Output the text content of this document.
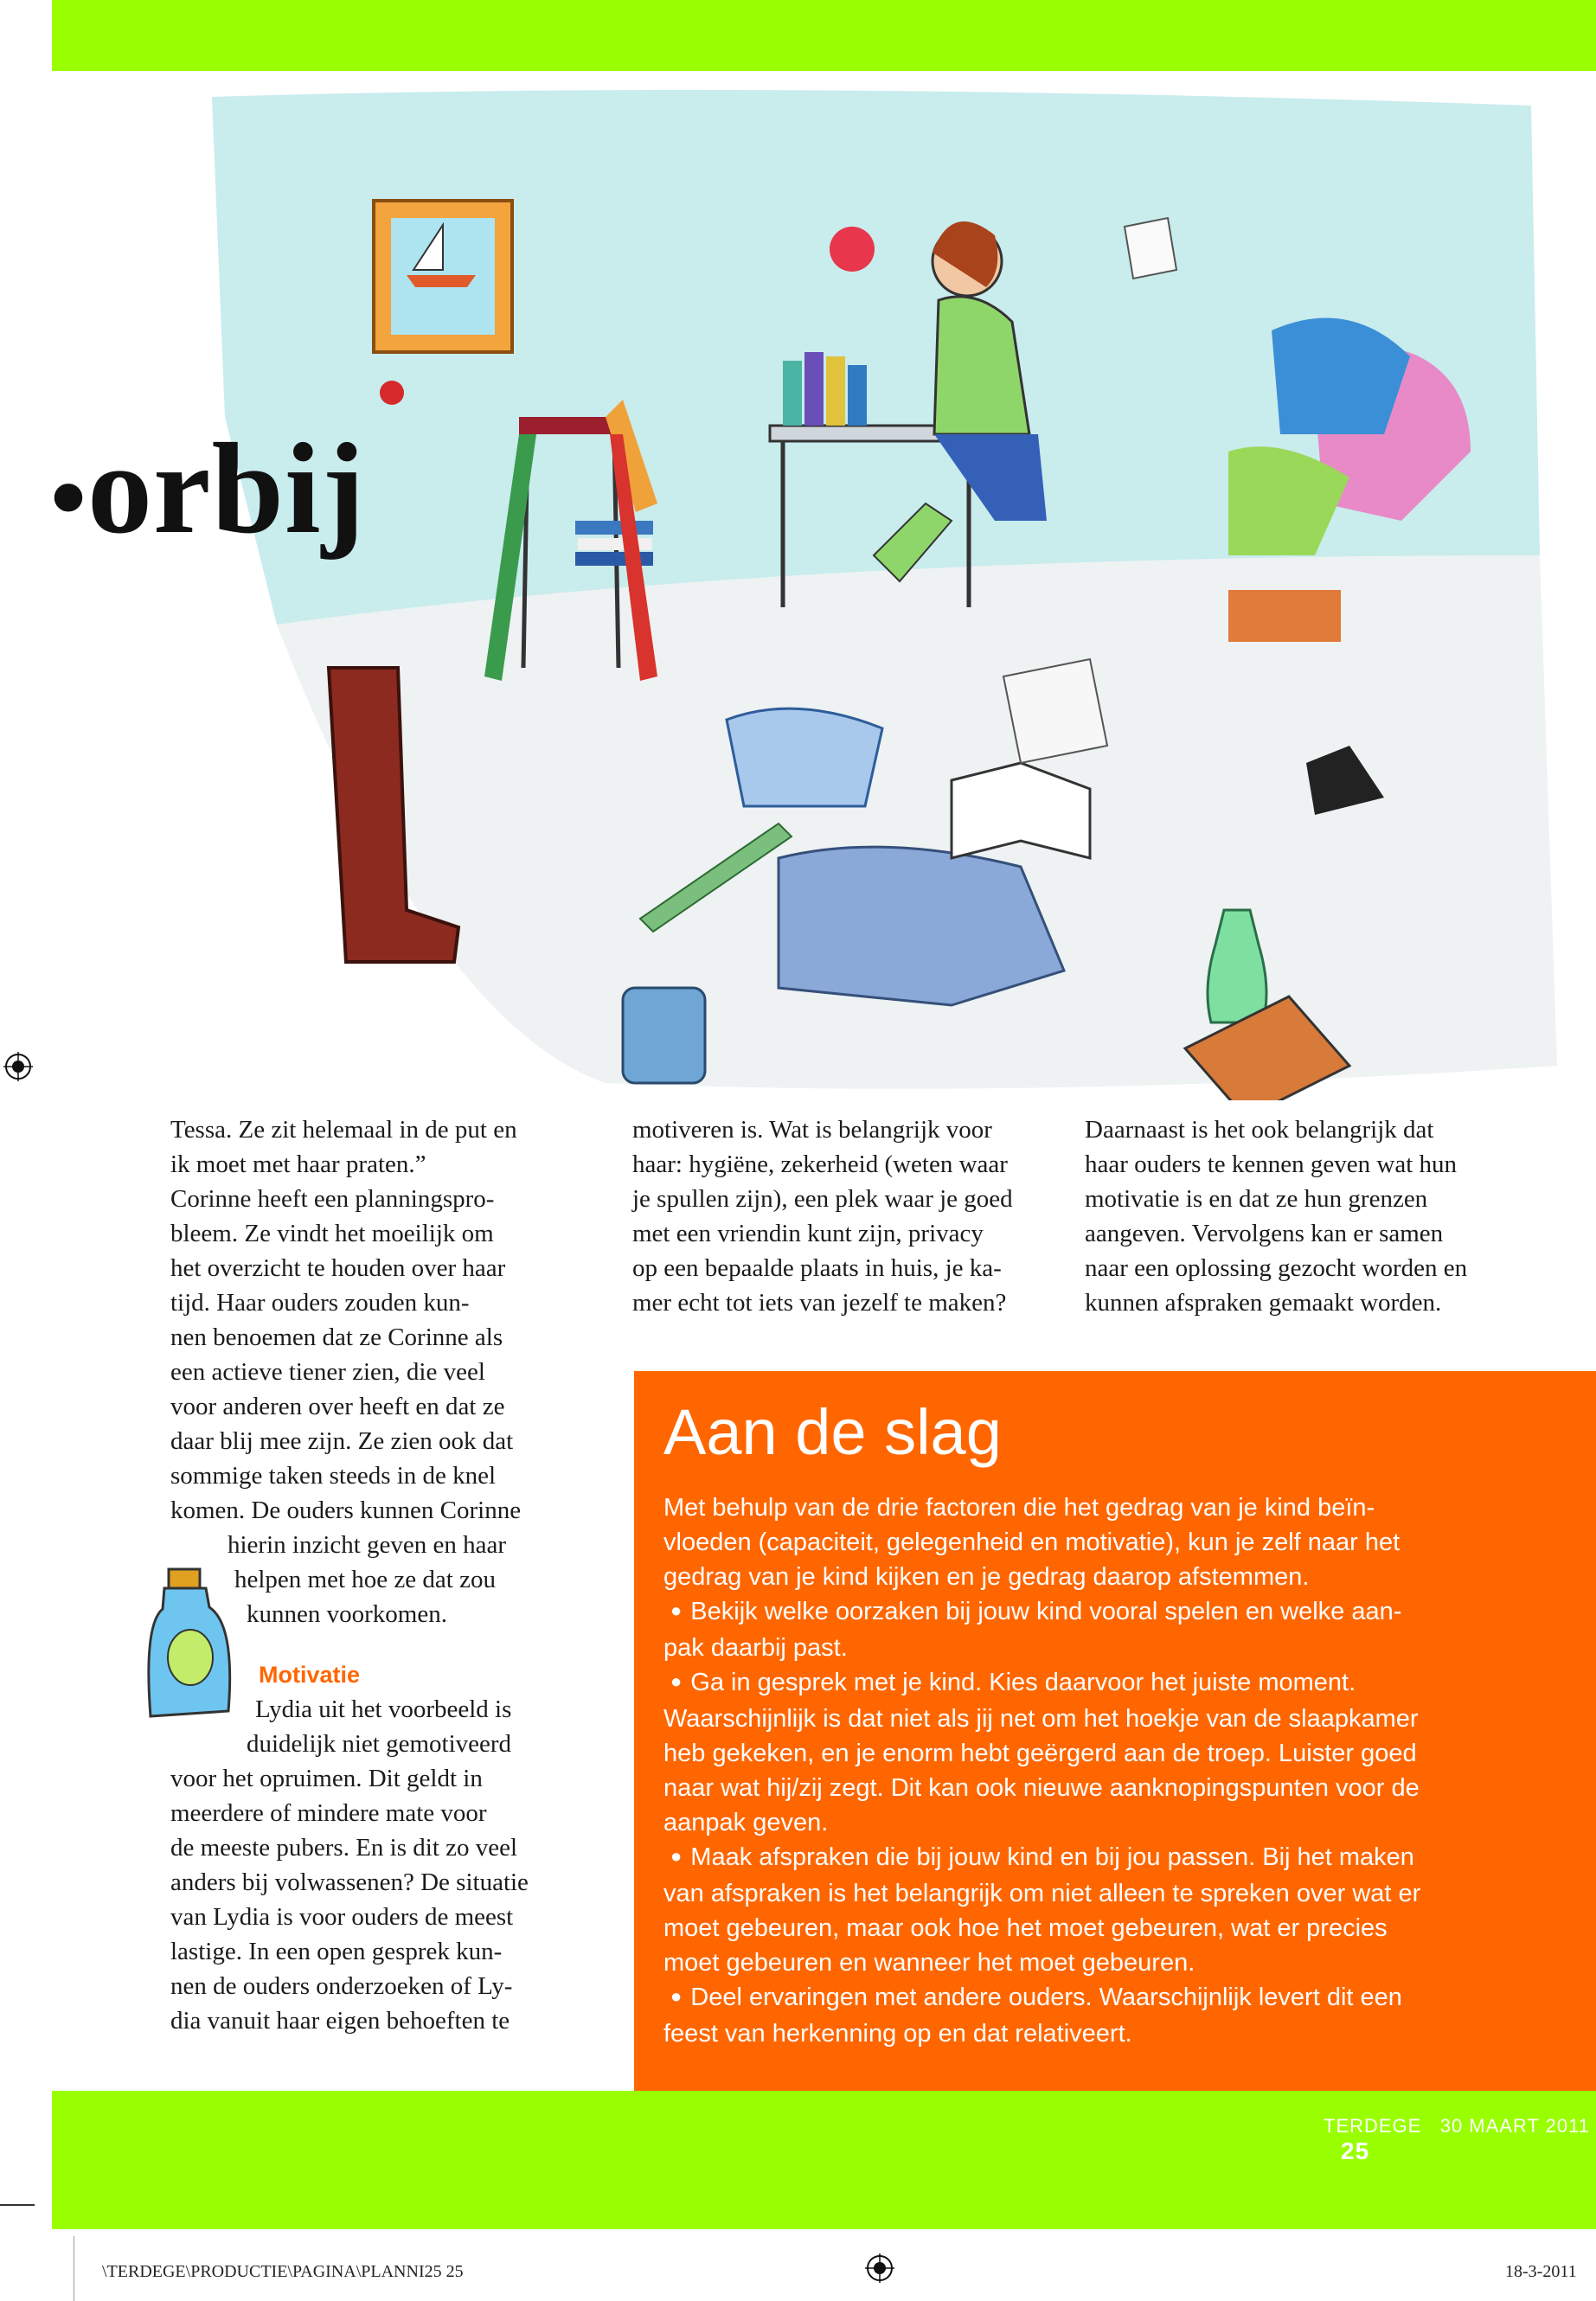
•orbij

Tessa. Ze zit helemaal in de put en

ik moet met haar praten.”

Corinne heeft een planningspro-

bleem. Ze vindt het moeilijk om

het overzicht te houden over haar

tijd. Haar ouders zouden kun-

nen benoemen dat ze Corinne als

een actieve tiener zien, die veel

voor anderen over heeft en dat ze

daar blij mee zijn. Ze zien ook dat

sommige taken steeds in de knel

komen. De ouders kunnen Corinne

hierin inzicht geven en haar

helpen met hoe ze dat zou

kunnen voorkomen.

Motivatie

Lydia uit het voorbeeld is

duidelijk niet gemotiveerd

voor het opruimen. Dit geldt in

meerdere of mindere mate voor

de meeste pubers. En is dit zo veel

anders bij volwassenen? De situatie

van Lydia is voor ouders de meest

lastige. In een open gesprek kun-

nen de ouders onderzoeken of Ly-

dia vanuit haar eigen behoeften te

motiveren is. Wat is belangrijk voor

haar: hygiëne, zekerheid (weten waar

je spullen zijn), een plek waar je goed

met een vriendin kunt zijn, privacy

op een bepaalde plaats in huis, je ka-

mer echt tot iets van jezelf te maken?

Daarnaast is het ook belangrijk dat

haar ouders te kennen geven wat hun

motivatie is en dat ze hun grenzen

aangeven. Vervolgens kan er samen

naar een oplossing gezocht worden en

kunnen afspraken gemaakt worden.

Aan de slag

Met behulp van de drie factoren die het gedrag van je kind beïn-

vloeden (capaciteit, gelegenheid en motivatie), kun je zelf naar het

gedrag van je kind kijken en je gedrag daarop afstemmen.

● Bekijk welke oorzaken bij jouw kind vooral spelen en welke aan-

pak daarbij past.

● Ga in gesprek met je kind. Kies daarvoor het juiste moment.

Waarschijnlijk is dat niet als jij net om het hoekje van de slaapkamer

heb gekeken, en je enorm hebt geërgerd aan de troep. Luister goed

naar wat hij/zij zegt. Dit kan ook nieuwe aanknopingspunten voor de

aanpak geven.

● Maak afspraken die bij jouw kind en bij jou passen. Bij het maken

van afspraken is het belangrijk om niet alleen te spreken over wat er

moet gebeuren, maar ook hoe het moet gebeuren, wat er precies

moet gebeuren en wanneer het moet gebeuren.

● Deel ervaringen met andere ouders. Waarschijnlijk levert dit een

feest van herkenning op en dat relativeert.

TERDEGE 30 MAART 2011 25
\TERDEGE\PRODUCTIE\PAGINA\PLANNI25 25	18-3-2011
